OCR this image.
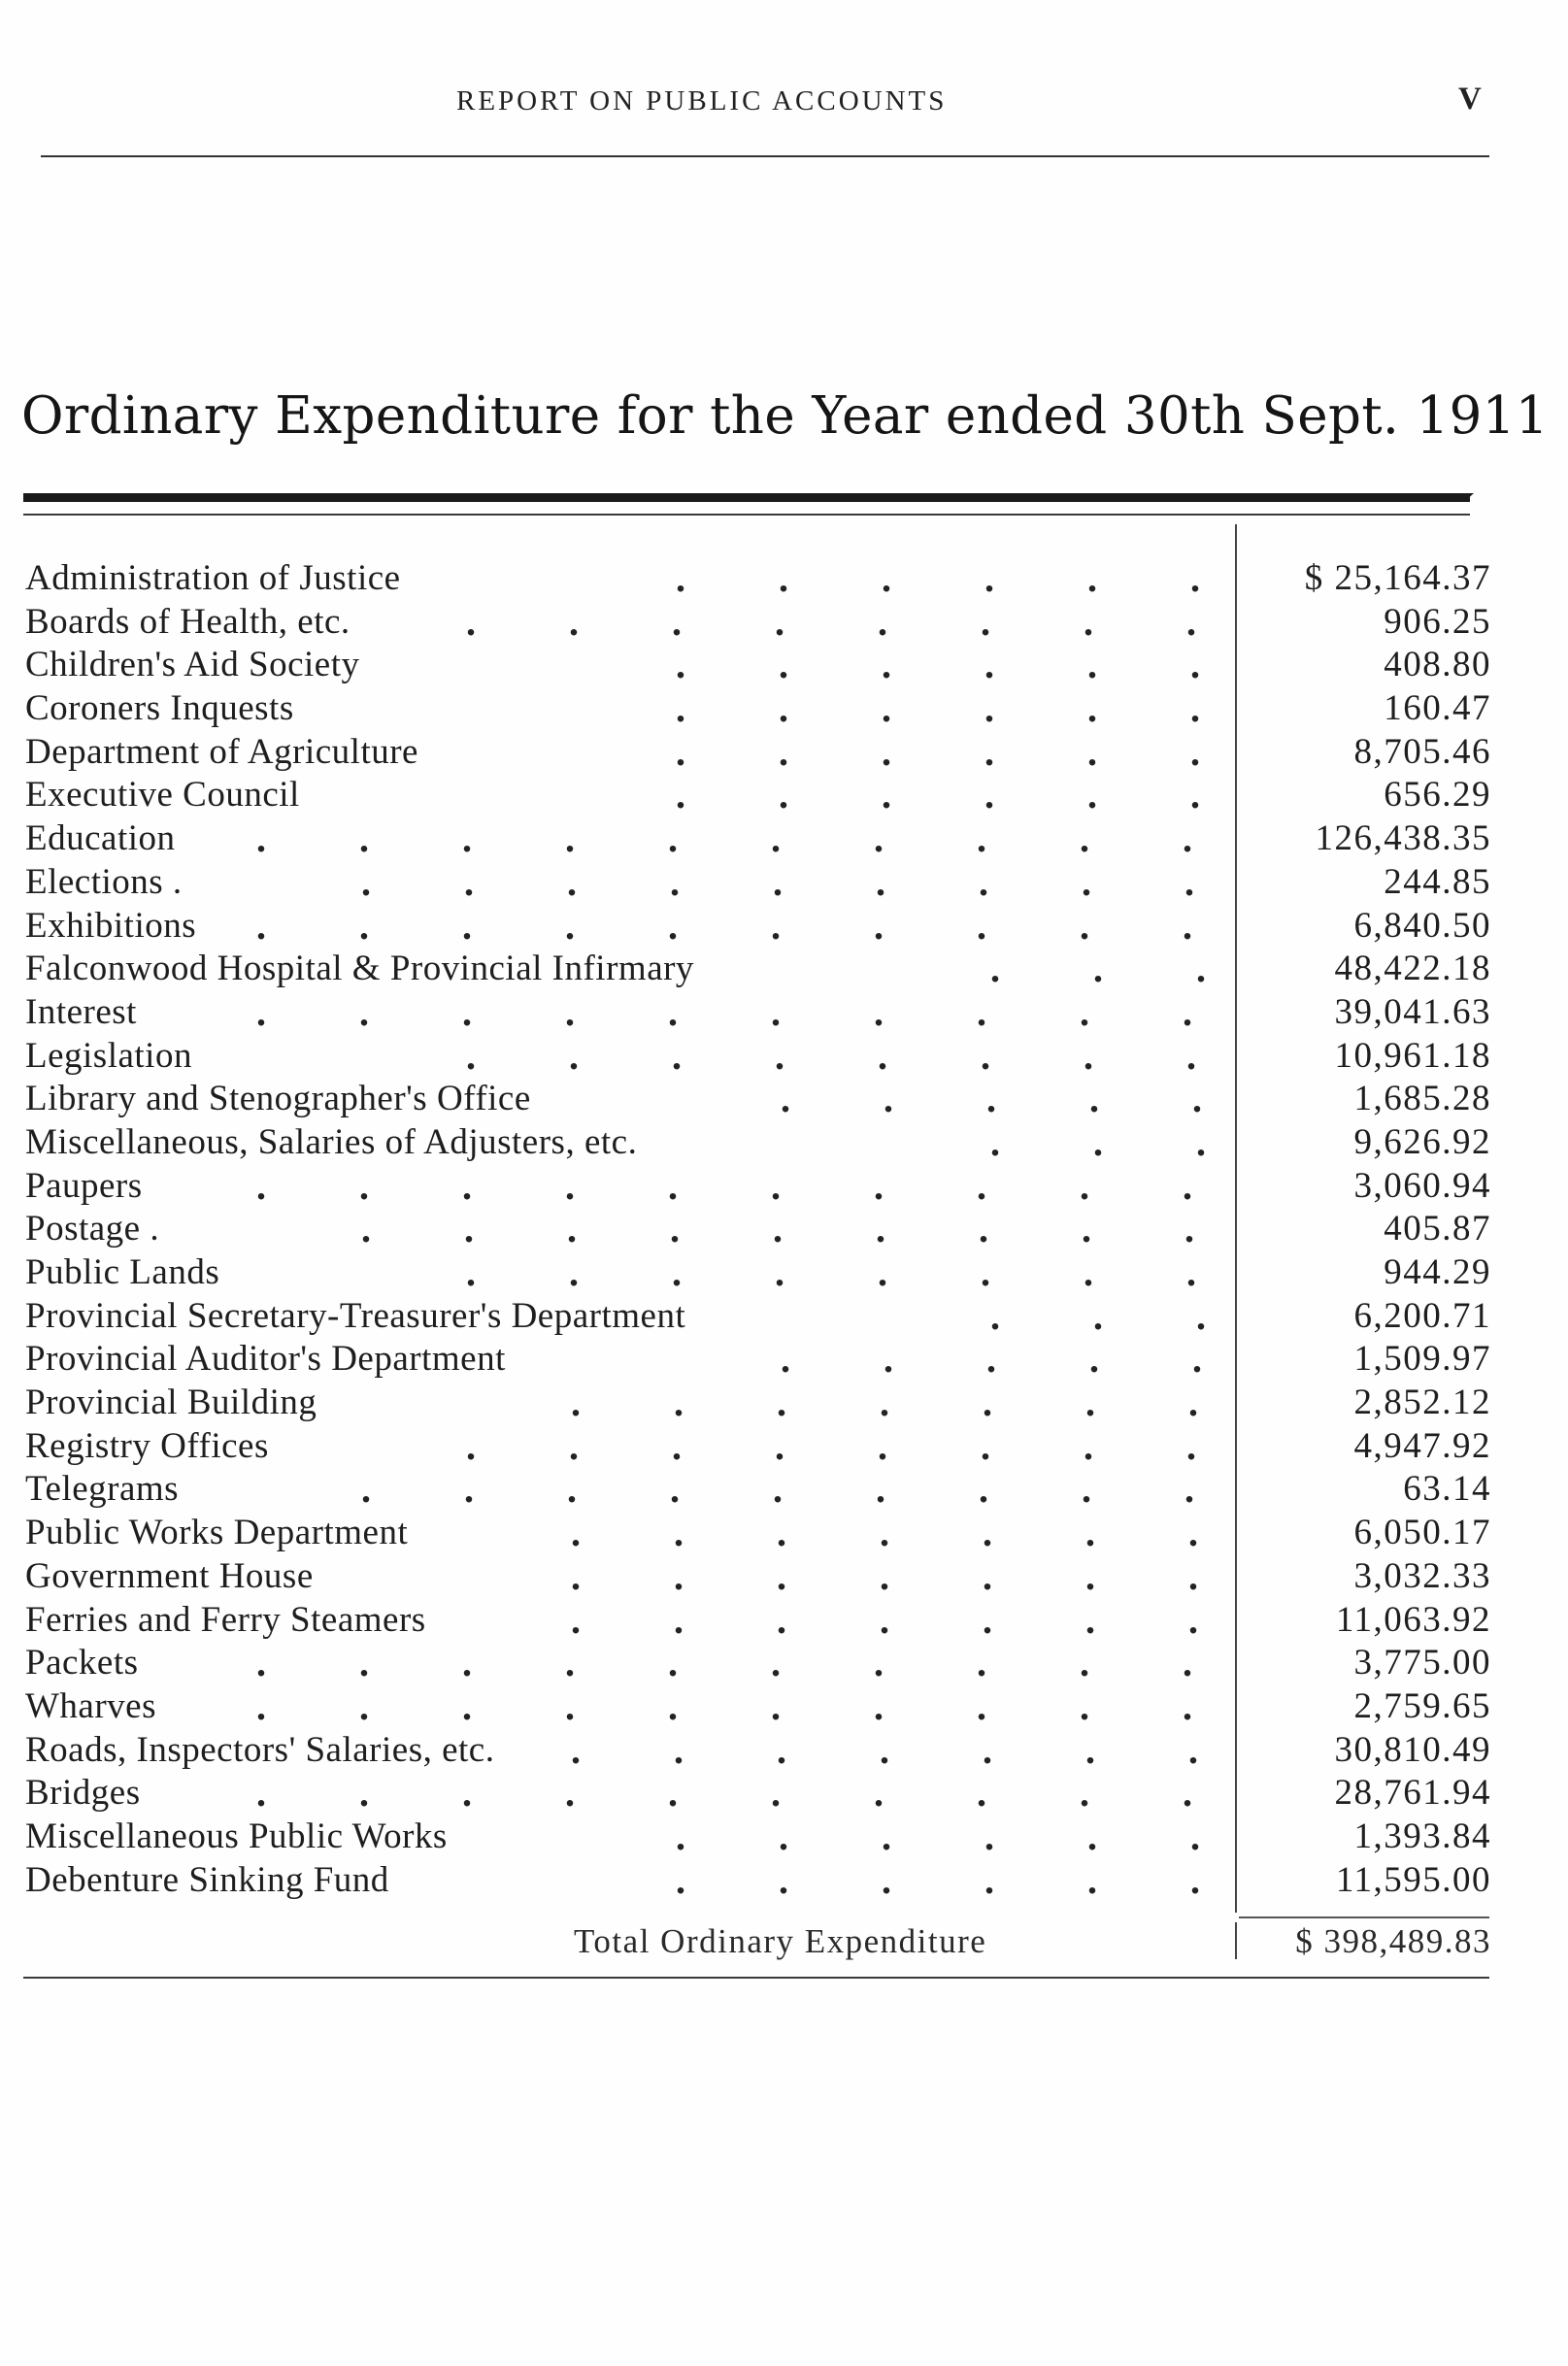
REPORT ON PUBLIC ACCOUNTS	V
Ordinary Expenditure for the Year ended 30th Sept. 1911
Administration of Justice	. . . . . .	$ 25,164.37
Boards of Health, etc.	. . . . . . . .	906.25
Children's Aid Society	. . . . . .	408.80
Coroners Inquests	. . . . . .	160.47
Department of Agriculture	. . . . . .	8,705.46
Executive Council	. . . . . .	656.29
Education . . . . . . . . . .	126,438.35
Elections .	. . . . . . . . .	244.85
Exhibitions . . . . . . . . . .	6,840.50
Falconwood Hospital & Provincial Infirmary	. . .	48,422.18
Interest	. . . . . . . . . .	39,041.63
Legislation	. . . . . . . .	10,961.18
Library and Stenographer's Office	. . . . .	1,685.28
Miscellaneous, Salaries of Adjusters, etc.	. . .	9,626.92
Paupers	. . . . . . . . . .	3,060.94
Postage .	. . . . . . . . .	405.87
Public Lands	. . . . . . . .	944.29
Provincial Secretary-Treasurer's Department	. . .	6,200.71
Provincial Auditor's Department	. . . . .	1,509.97
Provincial Building	. . . . . . .	2,852.12
Registry Offices	. . . . . . . .	4,947.92
Telegrams	. . . . . . . . .	63.14
Public Works Department	. . . . . . .	6,050.17
Government House	. . . . . . .	3,032.33
Ferries and Ferry Steamers	. . . . . . .	11,063.92
Packets	. . . . . . . . . .	3,775.00
Wharves	. . . . . . . . . .	2,759.65
Roads, Inspectors' Salaries, etc. . . . . . . .	30,810.49
Bridges	. . . . . . . . . .	28,761.94
Miscellaneous Public Works	. . . . . .	1,393.84
Debenture Sinking Fund	. . . . . .	11,595.00
Total Ordinary Expenditure	$ 398,489.83
